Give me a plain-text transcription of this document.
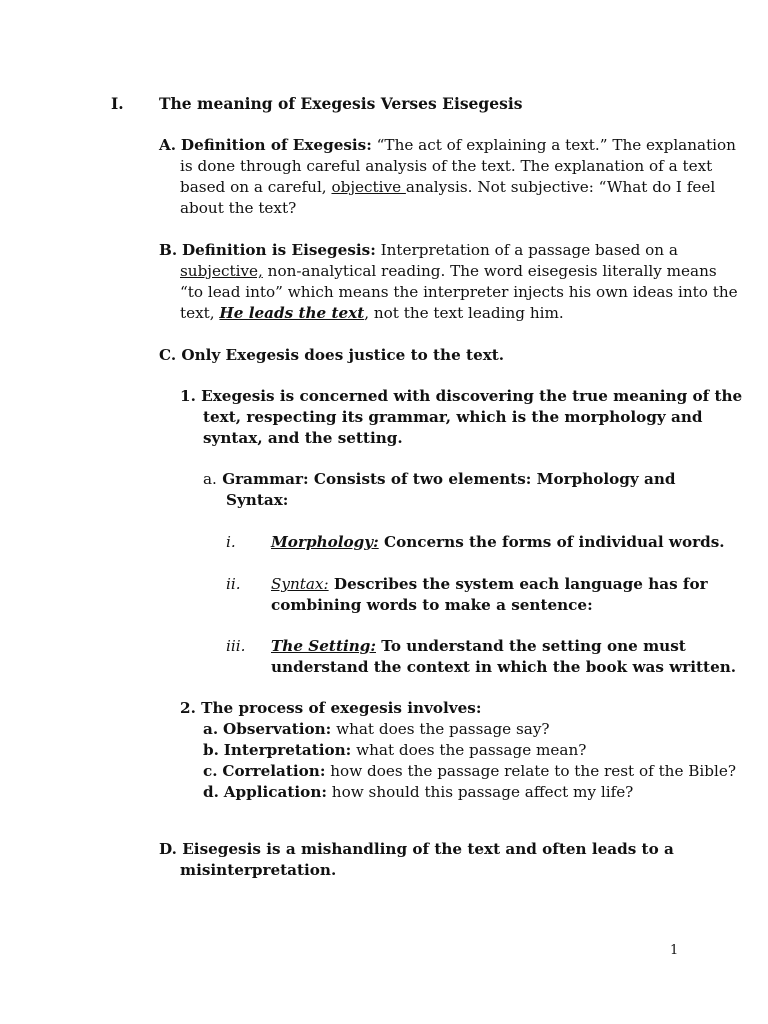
I. The meaning of Exegesis Verses Eisegesis
A. Definition of Exegesis: “The act of explaining a text.” The explanation
is done through careful analysis of the text. The explanation of a text
based on a careful, objective analysis. Not subjective: “What do I feel
about the text?
B. Definition is Eisegesis: Interpretation of a passage based on a
subjective, non-analytical reading. The word eisegesis literally means
“to lead into” which means the interpreter injects his own ideas into the
text, He leads the text, not the text leading him.
C. Only Exegesis does justice to the text.
1. Exegesis is concerned with discovering the true meaning of the
text, respecting its grammar, which is the morphology and
syntax, and the setting.
a. Grammar: Consists of two elements: Morphology and
Syntax:
i. Morphology: Concerns the forms of individual words.
ii. Syntax: Describes the system each language has for
combining words to make a sentence:
iii. The Setting: To understand the setting one must
understand the context in which the book was written.
2. The process of exegesis involves:
a. Observation: what does the passage say?
b. Interpretation: what does the passage mean?
c. Correlation: how does the passage relate to the rest of the Bible?
d. Application: how should this passage affect my life?
D. Eisegesis is a mishandling of the text and often leads to a
misinterpretation.
1
